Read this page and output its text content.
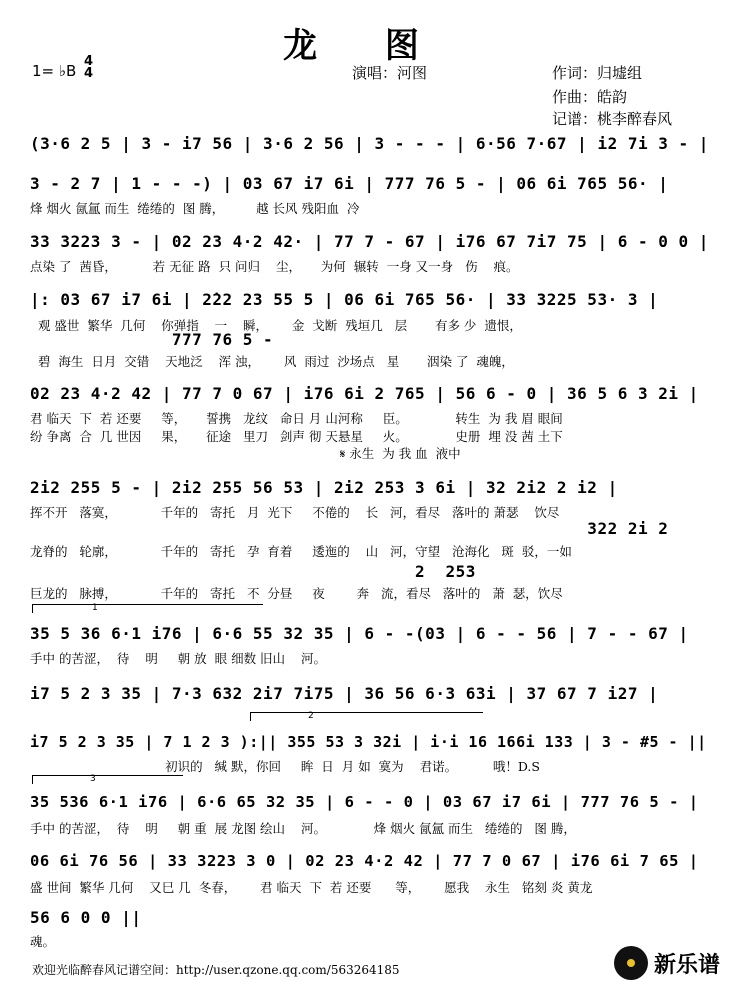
龙 图
1= ♭B
4
4	演唱：河图	作词：归墟组
作曲：皓韵
记谱：桃李醉春风
(3·6 2 5 | 3 - i7 56 | 3·6 2 56 | 3 - - - | 6·56 7·67 | i2 7i 3 - |
3 - 2 7 | 1 - - -) | 03 67 i7 6i | 777 76 5 - | 06 6i 765 56· |
烽 烟火 氤氲 而生  绻绻的  图 腾，        越 长风 残阳血  冷
33 3223 3 - | 02 23 4·2 42· | 77 7 - 67 | i76 67 7i7 75 | 6 - 0 0 |
点染 了  茜昏，         若 无征 路  只 问归    尘，     为何  辗转  一身 又一身   伤    痕。
|: 03 67 i7 6i | 2̇22 23 55 5 | 06 6i 765 56· | 33 3225 53· 3 |
观 盛世  繁华  几何    你弹指    一    瞬，      金  戈断  残垣几   层       有多 少  遗恨，
777 76 5 -
碧  海生  日月  交错    天地泛    浑 浊，      风  雨过  沙场点   星       洇染 了  魂魄，
02 23 4·2 42 | 77 7 0 67 | i76 6i 2 765 | 56 6 - 0 | 36 5 6 3 2i |
君 临天  下  若 还要     等，     誓携   龙纹   命日 月 山河称     臣。            转生  为 我 眉 眼间
纷 争离  合  几 世因     果，     征途   里刀   剑声 彻 天悬星     火。            史册  埋 没 茜 土下
𝄋 永生  为 我 血  液中
2i2 255 5 - | 2i2 255 56 53 | 2i2 253 3 6i | 32 2i2 2 i2 |
挥不开   落寞，           千年的   寄托   月  光下     不倦的    长   河，看尽   落叶的 萧瑟    饮尽
322 2i 2
龙脊的   轮廓，           千年的   寄托   孕  育着     逶迤的    山   河，守望   沧海化   斑  驳，一如
2  253
巨龙的   脉搏，           千年的   寄托   不  分昼     夜        奔   流，看尽   落叶的   萧  瑟，饮尽
35 5 36 6·1 i76 | 6·6 55 32 35 | 6 - -(03 | 6 - - 56 | 7 - - 67 |
手中 的苦涩，  待    明     朝 放  眼 细数 旧山    河。
i7 5 2 3 35 | 7·3 632 2i7 7i75 | 36 56 6·3 63i | 37 67 7 i27 |
i7 5 2 3 35 | 7 1 2 3 ):|| 355 53 3 32i | i·i 16 166i 133 | 3 - #5 - ||
初识的   缄 默，你回     眸  日  月 如  寞为    君诺。         哦！D.S
35 536 6·1 i76 | 6·6 65 32 35 | 6 - - 0 | 03 67 i7 6i | 777 76 5 - |
手中 的苦涩，  待    明     朝 重  展 龙图 绘山    河。            烽 烟火 氤氲 而生   绻绻的   图 腾，
06 6i 76 56 | 33 3223 3 0 | 02 23 4·2 42 | 77 7 0 67 | i76 6i 7 65 |
盛 世间  繁华 几何    又巳 几  冬春，      君 临天  下  若 还要      等，      愿我    永生   铭刻 炎 黄龙
56 6 0 0 ||
魂。
1
2
3
欢迎光临醉春风记谱空间：http://user.qzone.qq.com/563264185	新乐谱
